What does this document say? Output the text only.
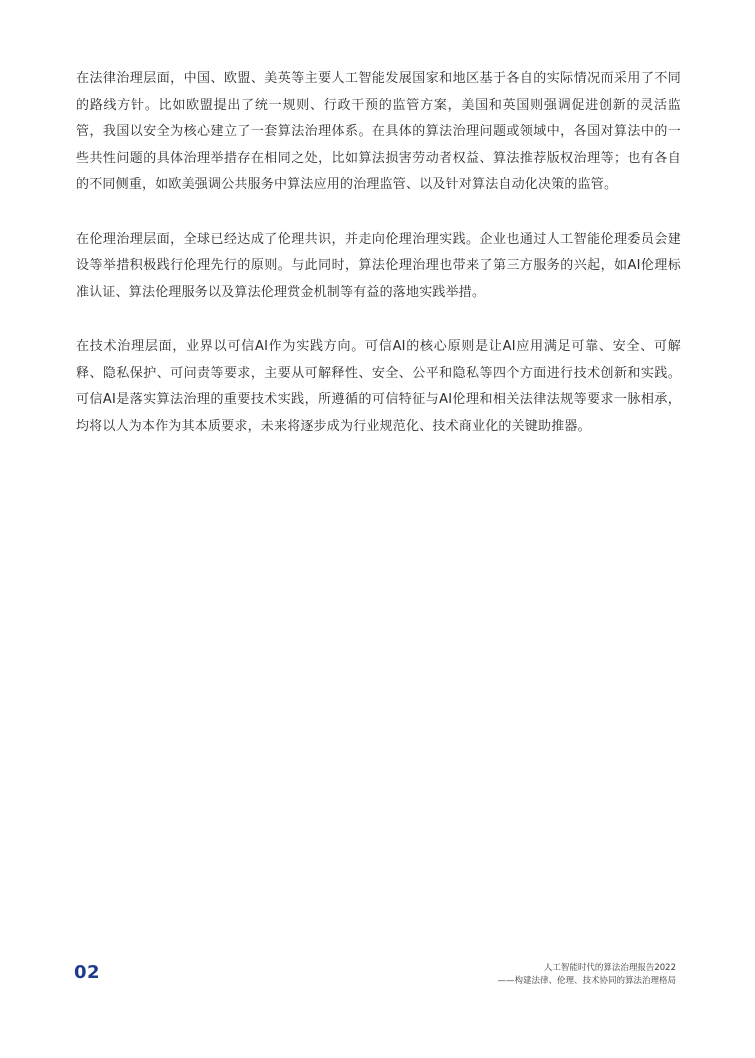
在法律治理层面，中国、欧盟、美英等主要人工智能发展国家和地区基于各自的实际情况而采用了不同的路线方针。比如欧盟提出了统一规则、行政干预的监管方案，美国和英国则强调促进创新的灵活监管，我国以安全为核心建立了一套算法治理体系。在具体的算法治理问题或领域中，各国对算法中的一些共性问题的具体治理举措存在相同之处，比如算法损害劳动者权益、算法推荐版权治理等；也有各自的不同侧重，如欧美强调公共服务中算法应用的治理监管、以及针对算法自动化决策的监管。

在伦理治理层面，全球已经达成了伦理共识，并走向伦理治理实践。企业也通过人工智能伦理委员会建设等举措积极践行伦理先行的原则。与此同时，算法伦理治理也带来了第三方服务的兴起，如AI伦理标准认证、算法伦理服务以及算法伦理赏金机制等有益的落地实践举措。

在技术治理层面，业界以可信AI作为实践方向。可信AI的核心原则是让AI应用满足可靠、安全、可解释、隐私保护、可问责等要求，主要从可解释性、安全、公平和隐私等四个方面进行技术创新和实践。可信AI是落实算法治理的重要技术实践，所遵循的可信特征与AI伦理和相关法律法规等要求一脉相承，均将以人为本作为其本质要求，未来将逐步成为行业规范化、技术商业化的关键助推器。

02	人工智能时代的算法治理报告2022
——构建法律、伦理、技术协同的算法治理格局
